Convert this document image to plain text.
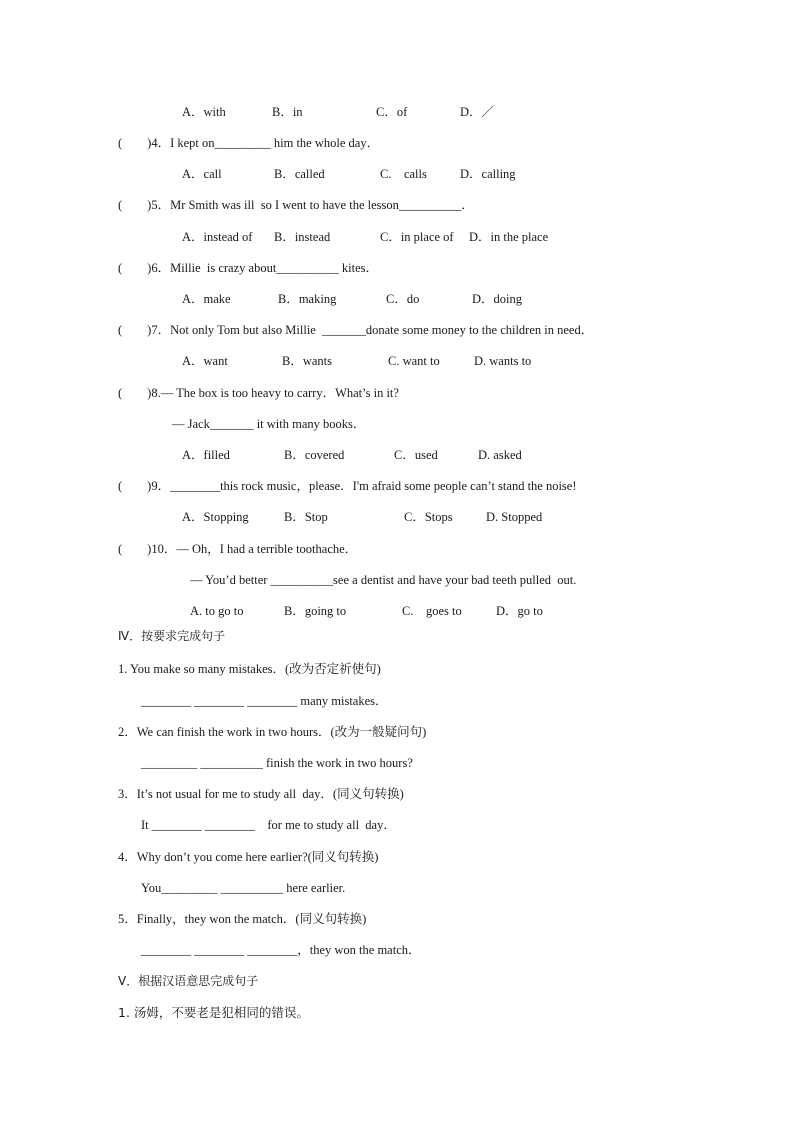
A．with

	B．in

	C．of

	D．／

(        )4．I kept on_________ him the whole day．

A．call

	B．called

	C.    calls

	D．calling

(        )5．Mr Smith was ill  so I went to have the lesson__________．

A．instead of

B．instead

	C．in place of

D．in the place

(        )6．Millie  is crazy about__________ kites．

A．make

	B．making

	C．do

	D．doing

(        )7．Not only Tom but also Millie  _______donate some money to the children in need．

A．want

	B．wants

	C. want to

	D. wants to

(        )8.— The box is too heavy to carry．What’s in it?
— Jack_______ it with many books．

A．filled

	B．covered

	C．used

	D. asked

(        )9．________this rock music，please．I'm afraid some people can’t stand the noise!

A．Stopping

	B．Stop

	C．Stops

	D. Stopped

(        )10．— Oh，I had a terrible toothache．
— You’d better __________see a dentist and have your bad teeth pulled  out.

A. to go to

	B．going to

	C.    goes to

	D．go to

Ⅳ．按要求完成句子
1. You make so many mistakes．(改为否定祈使句)
________ ________ ________ many mistakes．
2．We can finish the work in two hours．(改为一般疑问句)
_________ __________ finish the work in two hours?
3．It’s not usual for me to study all  day．(同义句转换)
It ________ ________    for me to study all  day．
4．Why don’t you come here earlier?(同义句转换)
You_________ __________ here earlier.
5．Finally，they won the match．(同义句转换)
________ ________ ________，they won the match．
Ⅴ．根据汉语意思完成句子
1. 汤姆，不要老是犯相同的错误。
